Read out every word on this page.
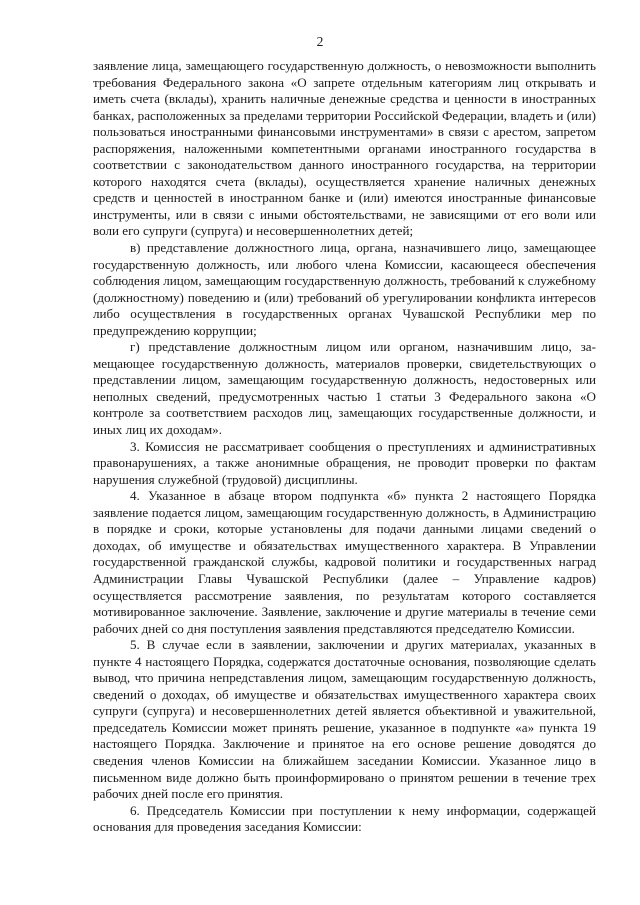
2

заявление лица, замещающего государственную должность, о невозможности выполнить требования Федерального закона «О запрете отдельным категориям лиц открывать и иметь счета (вклады), хранить наличные денежные средства и ценности в иностранных банках, расположенных за пределами территории Российской Федерации, владеть и (или) пользоваться иностранными финансовыми инструментами» в связи с арестом, запретом распоряжения, наложенными компетентными органами иностранного государства в соответствии с законодательством данного иностранного государства, на территории которого находятся счета (вклады), осуществляется хранение наличных денежных средств и ценностей в иностранном банке и (или) имеются иностранные финансовые инструменты, или в связи с иными обстоятельствами, не зависящими от его воли или воли его супруги (супруга) и несовершеннолетних детей;

в) представление должностного лица, органа, назначившего лицо, замещающее государственную должность, или любого члена Комиссии, касающееся обеспечения соблюдения лицом, замещающим государственную должность, требований к служебному (должностному) поведению и (или) требований об урегулировании конфликта интересов либо осуществления в государственных органах Чувашской Республики мер по предупреждению коррупции;

г) представление должностным лицом или органом, назначившим лицо, замещающее государственную должность, материалов проверки, свидетельствующих о представлении лицом, замещающим государственную должность, недостоверных или неполных сведений, предусмотренных частью 1 статьи 3 Федерального закона «О контроле за соответствием расходов лиц, замещающих государственные должности, и иных лиц их доходам».

3. Комиссия не рассматривает сообщения о преступлениях и административных правонарушениях, а также анонимные обращения, не проводит проверки по фактам нарушения служебной (трудовой) дисциплины.

4. Указанное в абзаце втором подпункта «б» пункта 2 настоящего Порядка заявление подается лицом, замещающим государственную должность, в Администрацию в порядке и сроки, которые установлены для подачи данными лицами сведений о доходах, об имуществе и обязательствах имущественного характера. В Управлении государственной гражданской службы, кадровой политики и государственных наград Администрации Главы Чувашской Республики (далее – Управление кадров) осуществляется рассмотрение заявления, по результатам которого составляется мотивированное заключение. Заявление, заключение и другие материалы в течение семи рабочих дней со дня поступления заявления представляются председателю Комиссии.

5. В случае если в заявлении, заключении и других материалах, указанных в пункте 4 настоящего Порядка, содержатся достаточные основания, позволяющие сделать вывод, что причина непредставления лицом, замещающим государственную должность, сведений о доходах, об имуществе и обязательствах имущественного характера своих супруги (супруга) и несовершеннолетних детей является объективной и уважительной, председатель Комиссии может принять решение, указанное в подпункте «а» пункта 19 настоящего Порядка. Заключение и принятое на его основе решение доводятся до сведения членов Комиссии на ближайшем заседании Комиссии. Указанное лицо в письменном виде должно быть проинформировано о принятом решении в течение трех рабочих дней после его принятия.

6. Председатель Комиссии при поступлении к нему информации, содержащей основания для проведения заседания Комиссии:
